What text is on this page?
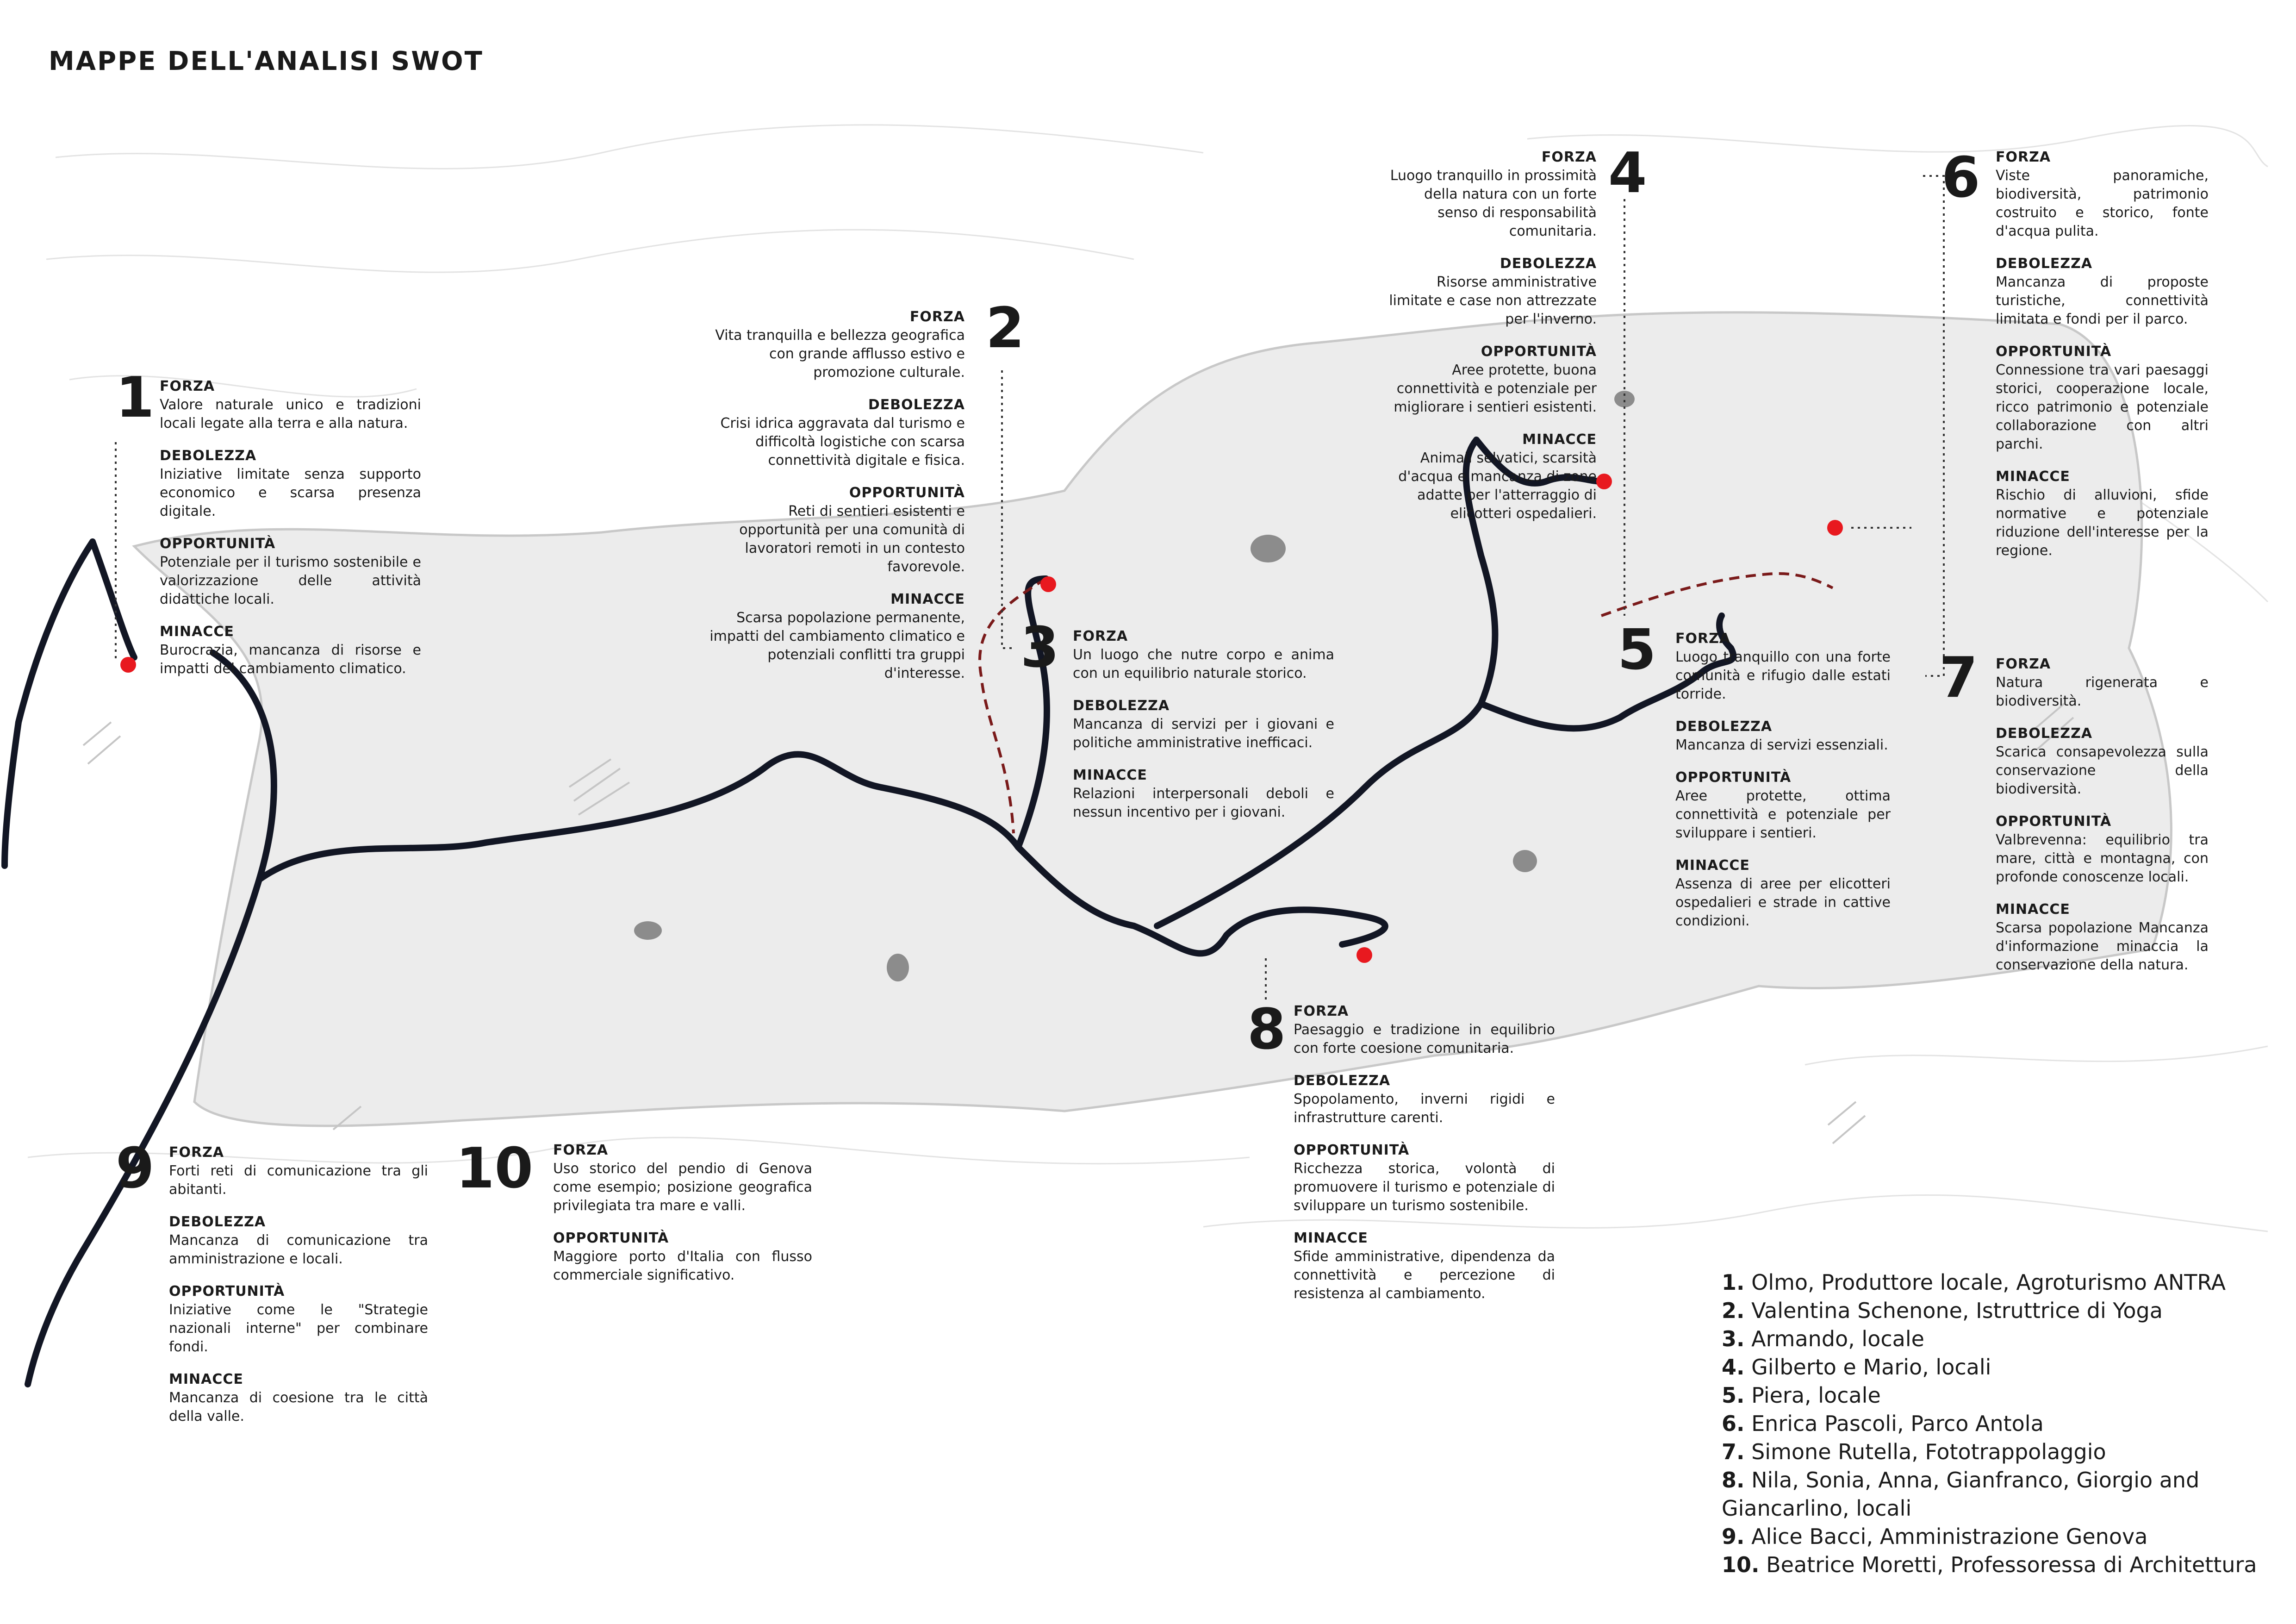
MAPPE DELL'ANALISI SWOT
1
2
3
4
5
6
7
8
9	10
FORZA

Valore naturale unico e tradizioni locali legate alla terra e alla natura.

DEBOLEZZA

Iniziative limitate senza supporto economico e scarsa presenza digitale.

OPPORTUNITÀ

Potenziale per il turismo sostenibile e valorizzazione delle attività didattiche locali.

MINACCE

Burocrazia, mancanza di risorse e impatti del cambiamento climatico.

FORZA

Vita tranquilla e bellezza geografica con grande afflusso estivo e promozione culturale.

DEBOLEZZA

Crisi idrica aggravata dal turismo e difficoltà logistiche con scarsa connettività digitale e fisica.

OPPORTUNITÀ

Reti di sentieri esistenti e opportunità per una comunità di lavoratori remoti in un contesto favorevole.

MINACCE

Scarsa popolazione permanente, impatti del cambiamento climatico e potenziali conflitti tra gruppi d'interesse.

FORZA

Un luogo che nutre corpo e anima con un equilibrio naturale storico.

DEBOLEZZA

Mancanza di servizi per i giovani e politiche amministrative inefficaci.

MINACCE

Relazioni interpersonali deboli e nessun incentivo per i giovani.

FORZA

Luogo tranquillo in prossimità della natura con un forte senso di responsabilità comunitaria.

DEBOLEZZA

Risorse amministrative limitate e case non attrezzate per l'inverno.

OPPORTUNITÀ

Aree protette, buona connettività e potenziale per migliorare i sentieri esistenti.

MINACCE

Animali selvatici, scarsità d'acqua e mancanza di zone adatte per l'atterraggio di elicotteri ospedalieri.

FORZA

Luogo tranquillo con una forte comunità e rifugio dalle estati torride.

DEBOLEZZA

Mancanza di servizi essenziali.

OPPORTUNITÀ

Aree protette, ottima connettività e potenziale per sviluppare i sentieri.

MINACCE

Assenza di aree per elicotteri ospedalieri e strade in cattive condizioni.

FORZA

Viste panoramiche, biodiversità, patrimonio costruito e storico, fonte d'acqua pulita.

DEBOLEZZA

Mancanza di proposte turistiche, connettività limitata e fondi per il parco.

OPPORTUNITÀ

Connessione tra vari paesaggi storici, cooperazione locale, ricco patrimonio e potenziale collaborazione con altri parchi.

MINACCE

Rischio di alluvioni, sfide normative e potenziale riduzione dell'interesse per la regione.

FORZA

Natura rigenerata e biodiversità.

DEBOLEZZA

Scarica consapevolezza sulla conservazione della biodiversità.

OPPORTUNITÀ

Valbrevenna: equilibrio tra mare, città e montagna, con profonde conoscenze locali.

MINACCE

Scarsa popolazione Mancanza d'informazione minaccia la conservazione della natura.

FORZA

Paesaggio e tradizione in equilibrio con forte coesione comunitaria.

DEBOLEZZA

Spopolamento, inverni rigidi e infrastrutture carenti.

OPPORTUNITÀ

Ricchezza storica, volontà di promuovere il turismo e potenziale di sviluppare un turismo sostenibile.

MINACCE

Sfide amministrative, dipendenza da connettività e percezione di resistenza al cambiamento.

FORZA

Forti reti di comunicazione tra gli abitanti.

DEBOLEZZA

Mancanza di comunicazione tra amministrazione e locali.

OPPORTUNITÀ

Iniziative come le "Strategie nazionali interne" per combinare fondi.

MINACCE

Mancanza di coesione tra le città della valle.

FORZA

Uso storico del pendio di Genova come esempio; posizione geografica privilegiata tra mare e valli.

OPPORTUNITÀ

Maggiore porto d'Italia con flusso commerciale significativo.	1. Olmo, Produttore locale, Agroturismo ANTRA
2. Valentina Schenone, Istruttrice di Yoga
3. Armando, locale
4. Gilberto e Mario, locali
5. Piera, locale
6. Enrica Pascoli, Parco Antola
7. Simone Rutella, Fototrappolaggio
8. Nila, Sonia, Anna, Gianfranco, Giorgio and
Giancarlino, locali
9. Alice Bacci, Amministrazione Genova
10. Beatrice Moretti, Professoressa di Architettura
